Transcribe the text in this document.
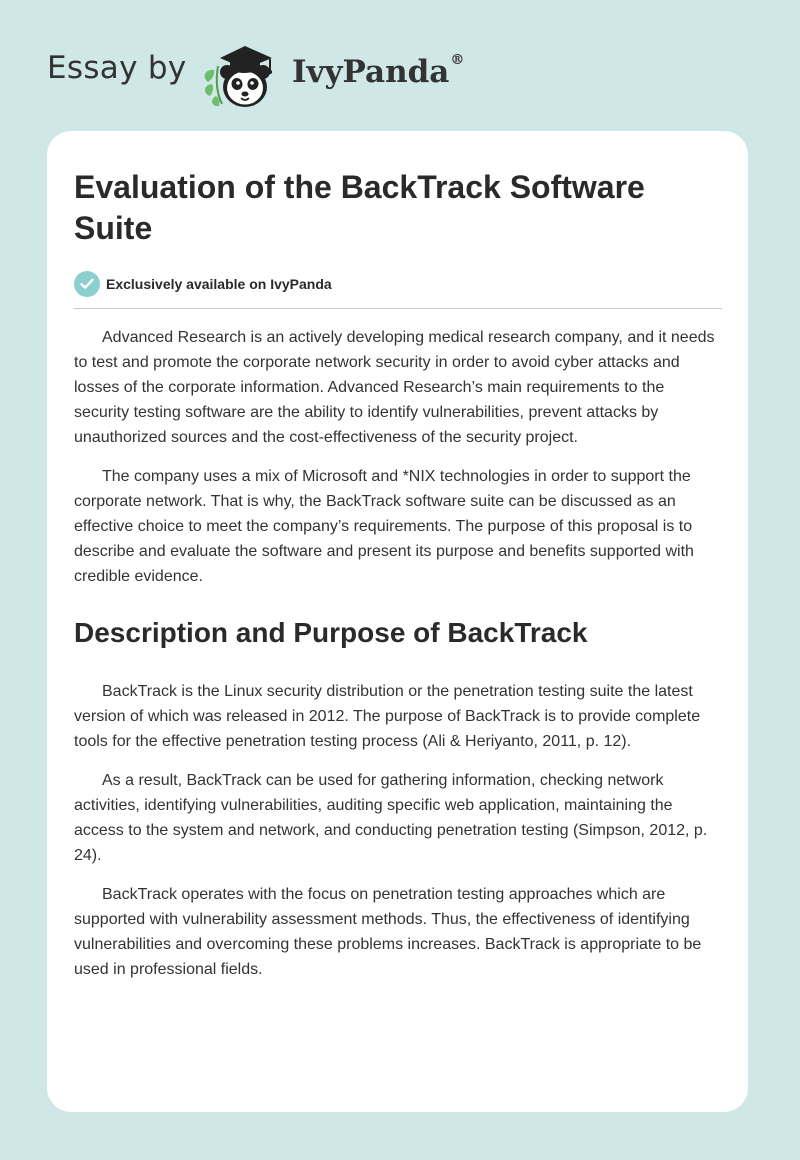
Essay by	IvyPanda®
Evaluation of the BackTrack Software Suite
Exclusively available on IvyPanda

Advanced Research is an actively developing medical research company, and it needs to test and promote the corporate network security in order to avoid cyber attacks and losses of the corporate information. Advanced Research’s main requirements to the security testing software are the ability to identify vulnerabilities, prevent attacks by unauthorized sources and the cost-effectiveness of the security project.

The company uses a mix of Microsoft and *NIX technologies in order to support the corporate network. That is why, the BackTrack software suite can be discussed as an effective choice to meet the company’s requirements. The purpose of this proposal is to describe and evaluate the software and present its purpose and benefits supported with credible evidence.

Description and Purpose of BackTrack

BackTrack is the Linux security distribution or the penetration testing suite the latest version of which was released in 2012. The purpose of BackTrack is to provide complete tools for the effective penetration testing process (Ali & Heriyanto, 2011, p. 12).

As a result, BackTrack can be used for gathering information, checking network activities, identifying vulnerabilities, auditing specific web application, maintaining the access to the system and network, and conducting penetration testing (Simpson, 2012, p. 24).

BackTrack operates with the focus on penetration testing approaches which are supported with vulnerability assessment methods. Thus, the effectiveness of identifying vulnerabilities and overcoming these problems increases. BackTrack is appropriate to be used in professional fields.
